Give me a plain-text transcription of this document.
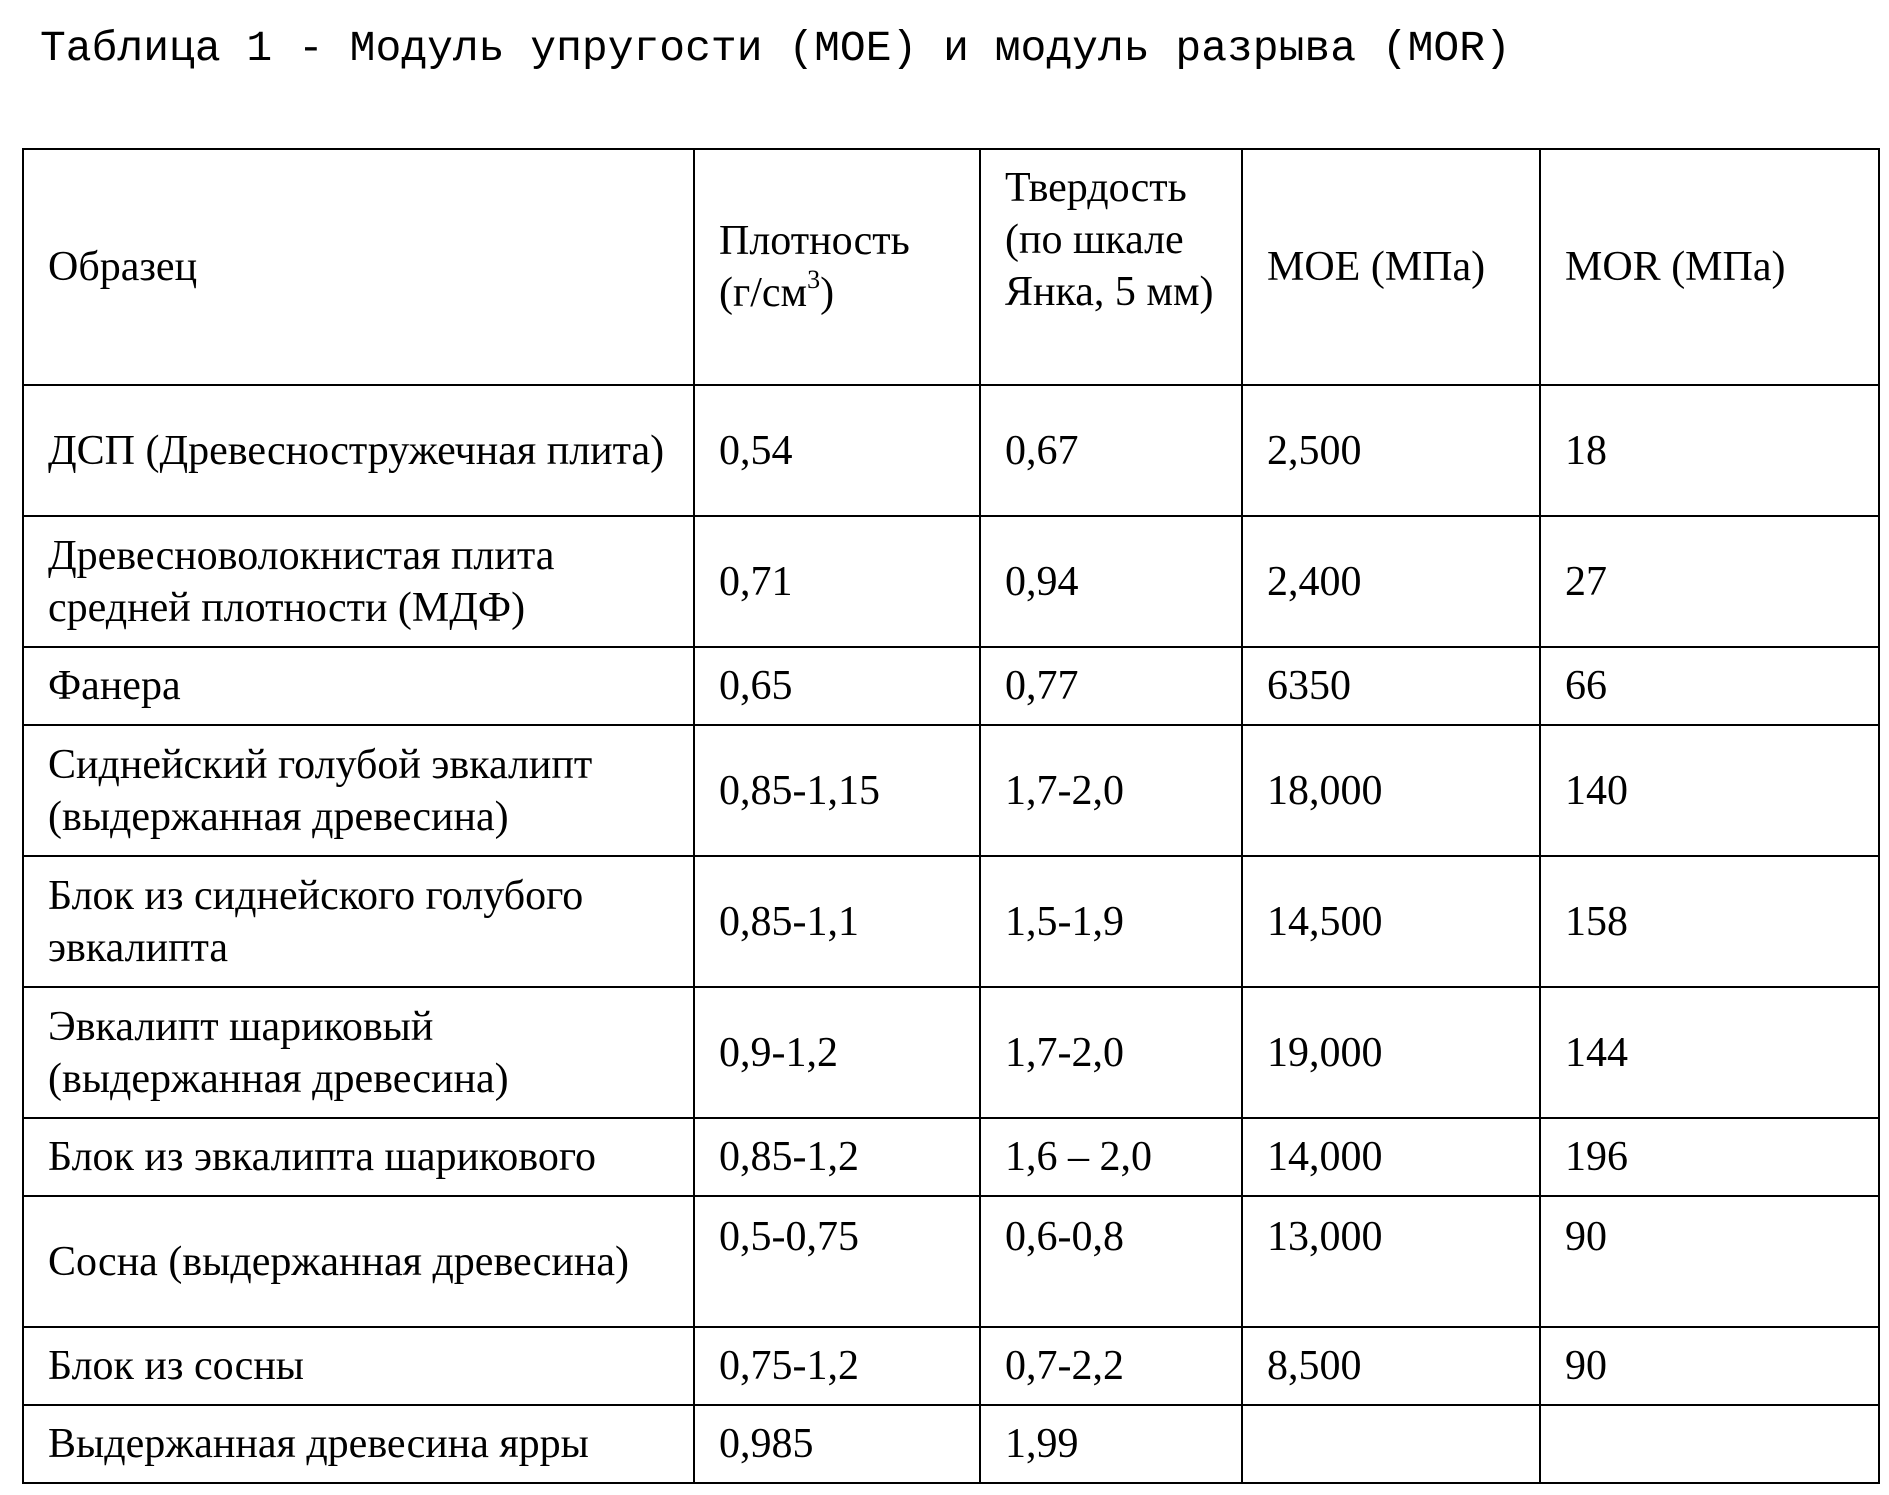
Таблица 1 - Модуль упругости (MOE) и модуль разрыва (MOR)
Образец	Плотность $(г/см^3)$	Твердость (по шкале Янка, 5 мм)	MOE (МПа)	MOR (МПа)
ДСП (Древесностружечная плита)	0,54	0,67	2,500	18
Древесноволокнистая плита средней плотности (МДФ)	0,71	0,94	2,400	27
Фанера	0,65	0,77	6350	66
Сиднейский голубой эвкалипт (выдержанная древесина)	0,85-1,15	1,7-2,0	18,000	140
Блок из сиднейского голубого эвкалипта	0,85-1,1	1,5-1,9	14,500	158
Эвкалипт шариковый (выдержанная древесина)	0,9-1,2	1,7-2,0	19,000	144
Блок из эвкалипта шарикового	0,85-1,2	1,6 – 2,0	14,000	196
Сосна (выдержанная древесина)	0,5-0,75	0,6-0,8	13,000	90
Блок из сосны	0,75-1,2	0,7-2,2	8,500	90
Выдержанная древесина ярры	0,985	1,99		
